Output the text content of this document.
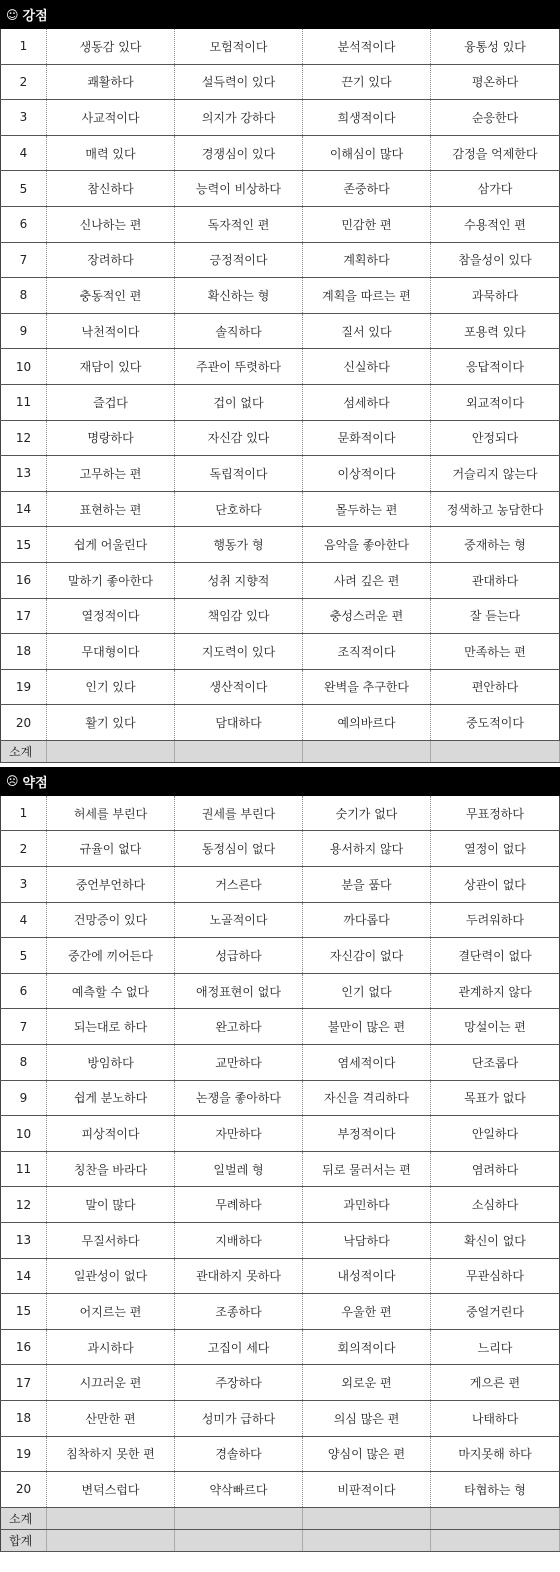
☺ 강점
1	생동감 있다	모험적이다	분석적이다	융통성 있다
2	쾌활하다	설득력이 있다	끈기 있다	평온하다
3	사교적이다	의지가 강하다	희생적이다	순응한다
4	매력 있다	경쟁심이 있다	이해심이 많다	감정을 억제한다
5	참신하다	능력이 비상하다	존중하다	삼가다
6	신나하는 편	독자적인 편	민감한 편	수용적인 편
7	장려하다	긍정적이다	계획하다	참을성이 있다
8	충동적인 편	확신하는 형	계획을 따르는 편	과묵하다
9	낙천적이다	솔직하다	질서 있다	포용력 있다
10	재담이 있다	주관이 뚜렷하다	신실하다	응답적이다
11	즐겁다	겁이 없다	섬세하다	외교적이다
12	명랑하다	자신감 있다	문화적이다	안정되다
13	고무하는 편	독립적이다	이상적이다	거슬리지 않는다
14	표현하는 편	단호하다	몰두하는 편	정색하고 농담한다
15	쉽게 어울린다	행동가 형	음악을 좋아한다	중재하는 형
16	말하기 좋아한다	성취 지향적	사려 깊은 편	관대하다
17	열정적이다	책임감 있다	충성스러운 편	잘 듣는다
18	무대형이다	지도력이 있다	조직적이다	만족하는 편
19	인기 있다	생산적이다	완벽을 추구한다	편안하다
20	활기 있다	담대하다	예의바르다	중도적이다
소계				
☹ 약점
1	허세를 부린다	권세를 부린다	숫기가 없다	무표정하다
2	규율이 없다	동정심이 없다	용서하지 않다	열정이 없다
3	중언부언하다	거스른다	분을 품다	상관이 없다
4	건망증이 있다	노골적이다	까다롭다	두려워하다
5	중간에 끼어든다	성급하다	자신감이 없다	결단력이 없다
6	예측할 수 없다	애정표현이 없다	인기 없다	관계하지 않다
7	되는대로 하다	완고하다	불만이 많은 편	망설이는 편
8	방임하다	교만하다	염세적이다	단조롭다
9	쉽게 분노하다	논쟁을 좋아하다	자신을 격리하다	목표가 없다
10	피상적이다	자만하다	부정적이다	안일하다
11	칭찬을 바라다	일벌레 형	뒤로 물러서는 편	염려하다
12	말이 많다	무례하다	과민하다	소심하다
13	무질서하다	지배하다	낙담하다	확신이 없다
14	일관성이 없다	관대하지 못하다	내성적이다	무관심하다
15	어지르는 편	조종하다	우울한 편	중얼거린다
16	과시하다	고집이 세다	회의적이다	느리다
17	시끄러운 편	주장하다	외로운 편	게으른 편
18	산만한 편	성미가 급하다	의심 많은 편	나태하다
19	침착하지 못한 편	경솔하다	양심이 많은 편	마지못해 하다
20	변덕스럽다	약삭빠르다	비판적이다	타협하는 형
소계				
합계				
